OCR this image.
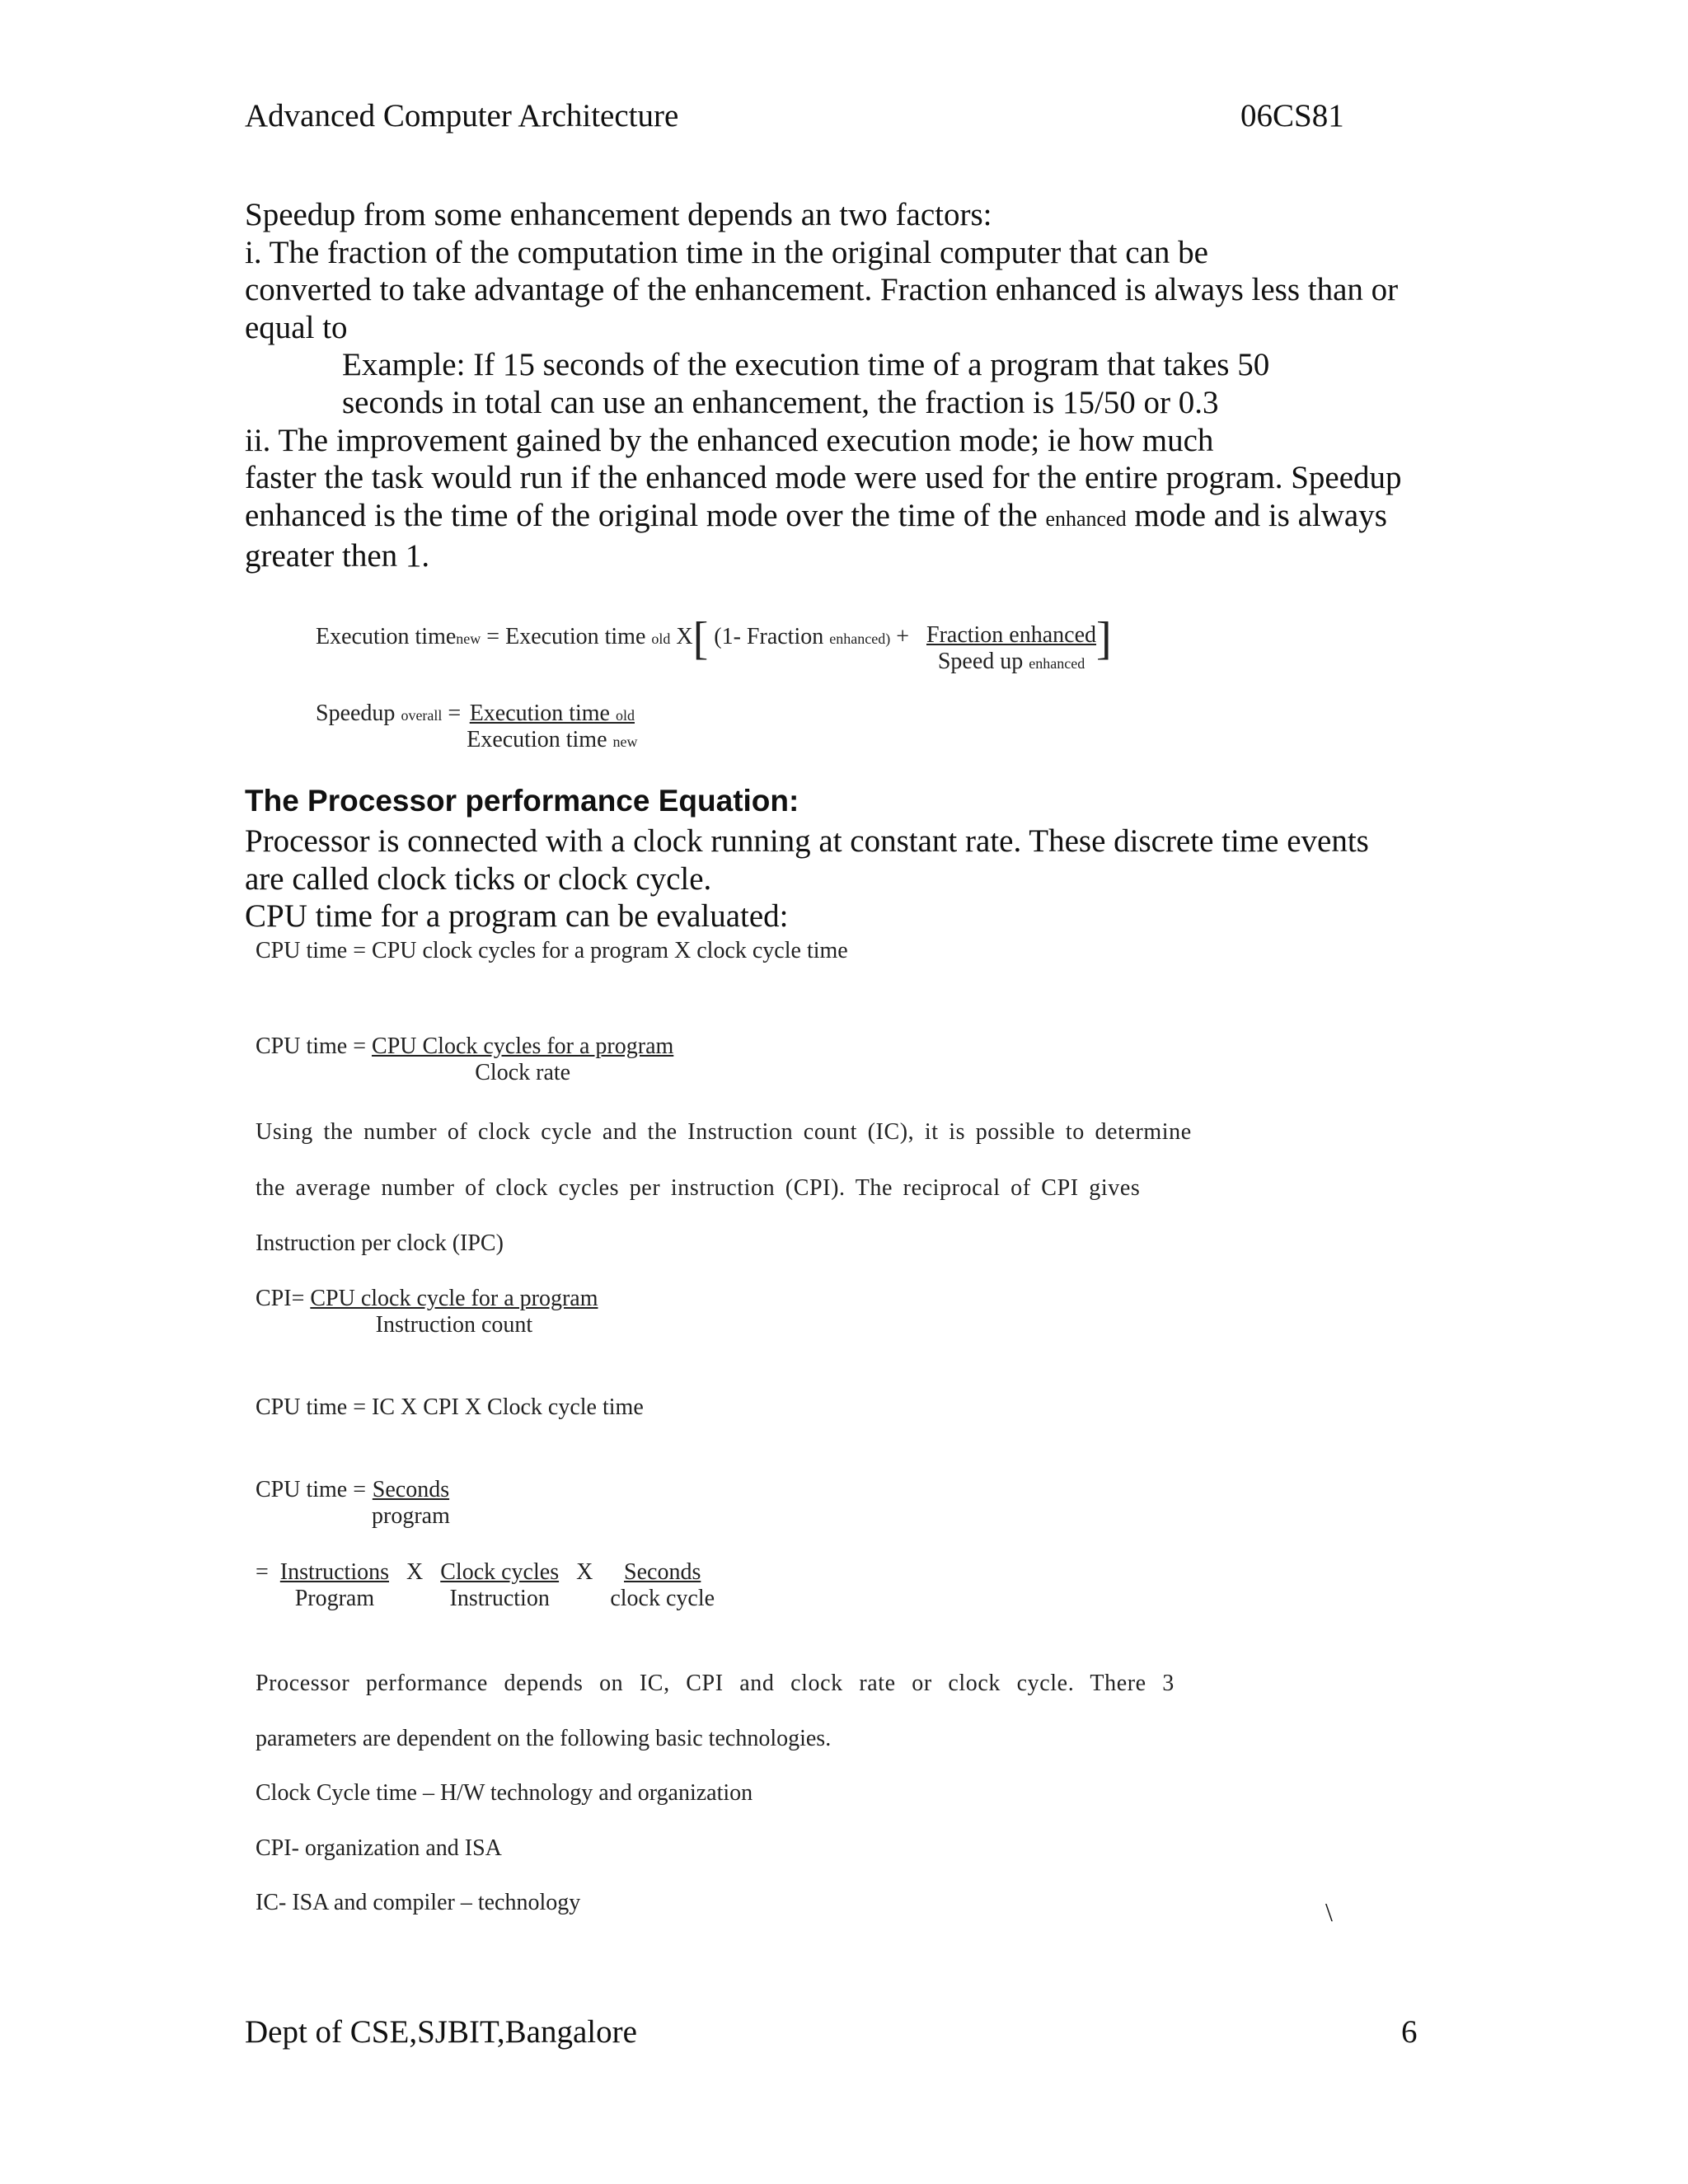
Advanced Computer Architecture	06CS81
Speedup from some enhancement depends an two factors:
i. The fraction of the computation time in the original computer that can be
converted to take advantage of the enhancement. Fraction enhanced is always less than or
equal to
Example: If 15 seconds of the execution time of a program that takes 50
seconds in total can use an enhancement, the fraction is 15/50 or 0.3
ii. The improvement gained by the enhanced execution mode; ie how much
faster the task would run if the enhanced mode were used for the entire program. Speedup
enhanced is the time of the original mode over the time of the enhanced mode and is always
greater then 1.
Execution timenew = Execution time old X[ (1- Fraction enhanced) + $\frac{\text{Fraction enhanced}}{\text{Speed up enhanced}}$ ]
Speedup overall = $\frac{\text{Execution time old}}{\text{Execution time new}}$
The Processor performance Equation:
Processor is connected with a clock running at constant rate. These discrete time events
are called clock ticks or clock cycle.
CPU time for a program can be evaluated:
CPU time = CPU clock cycles for a program X clock cycle time
CPU time = $\frac{\text{CPU Clock cycles for a program}}{\text{Clock rate}}$
Using the number of clock cycle and the Instruction count (IC), it is possible to determine
the average number of clock cycles per instruction (CPI). The reciprocal of CPI gives
Instruction per clock (IPC)
$CPI= \frac{\text{CPU clock cycle for a program}}{\text{Instruction count}}$
CPU time = IC X CPI X Clock cycle time
CPU time = $\frac{\text{Seconds}}{\text{program}}$
= $\frac{\text{Instructions}}{\text{Program}}$ X $\frac{\text{Clock cycles}}{\text{Instruction}}$ X $\frac{\text{Seconds}}{\text{clock cycle}}$
Processor performance depends on IC, CPI and clock rate or clock cycle. There 3
parameters are dependent on the following basic technologies.
Clock Cycle time – H/W technology and organization
CPI- organization and ISA
IC- ISA and compiler – technology	\
Dept of CSE,SJBIT,Bangalore	6
